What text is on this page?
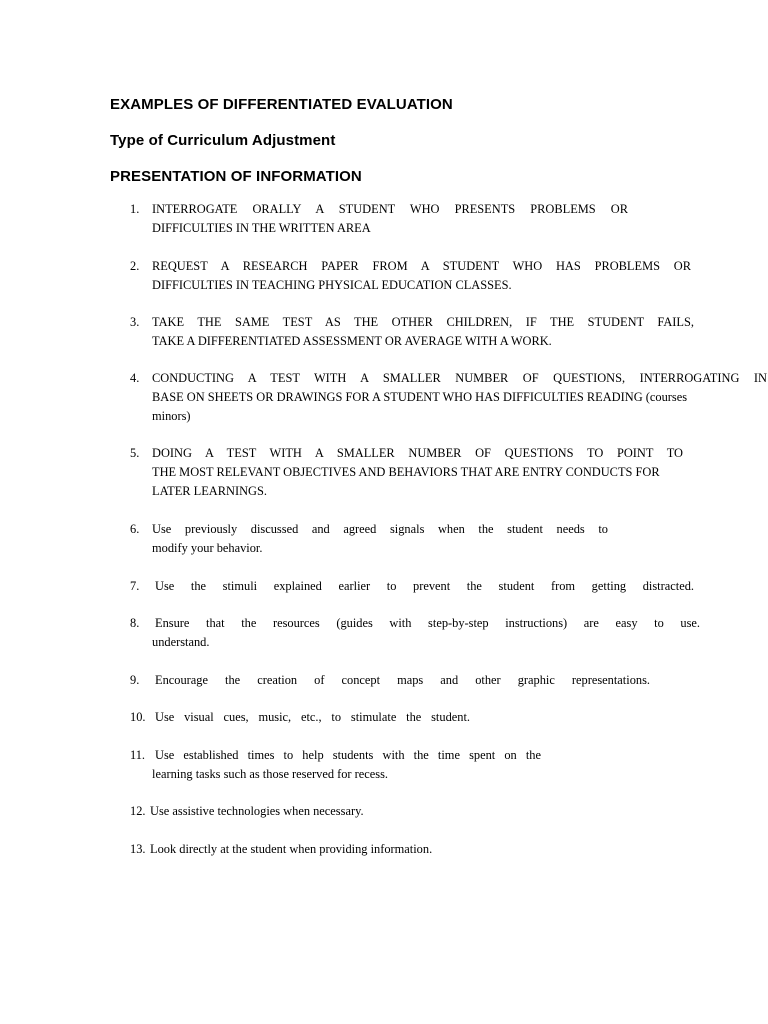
EXAMPLES OF DIFFERENTIATED EVALUATION
Type of Curriculum Adjustment
PRESENTATION OF INFORMATION
1. INTERROGATE ORALLY A STUDENT WHO PRESENTS PROBLEMS OR
DIFFICULTIES IN THE WRITTEN AREA
2. REQUEST A RESEARCH PAPER FROM A STUDENT WHO HAS PROBLEMS OR
DIFFICULTIES IN TEACHING PHYSICAL EDUCATION CLASSES.
3. TAKE THE SAME TEST AS THE OTHER CHILDREN, IF THE STUDENT FAILS,
TAKE A DIFFERENTIATED ASSESSMENT OR AVERAGE WITH A WORK.
4. CONDUCTING A TEST WITH A SMALLER NUMBER OF QUESTIONS, INTERROGATING IN
BASE ON SHEETS OR DRAWINGS FOR A STUDENT WHO HAS DIFFICULTIES READING (courses
minors)
5. DOING A TEST WITH A SMALLER NUMBER OF QUESTIONS TO POINT TO
THE MOST RELEVANT OBJECTIVES AND BEHAVIORS THAT ARE ENTRY CONDUCTS FOR
LATER LEARNINGS.
6. Use previously discussed and agreed signals when the student needs to
modify your behavior.
7. Use the stimuli explained earlier to prevent the student from getting distracted.
8. Ensure that the resources (guides with step-by-step instructions) are easy to use.
understand.
9. Encourage the creation of concept maps and other graphic representations.
10. Use visual cues, music, etc., to stimulate the student.
11. Use established times to help students with the time spent on the
learning tasks such as those reserved for recess.
12. Use assistive technologies when necessary.
13. Look directly at the student when providing information.
